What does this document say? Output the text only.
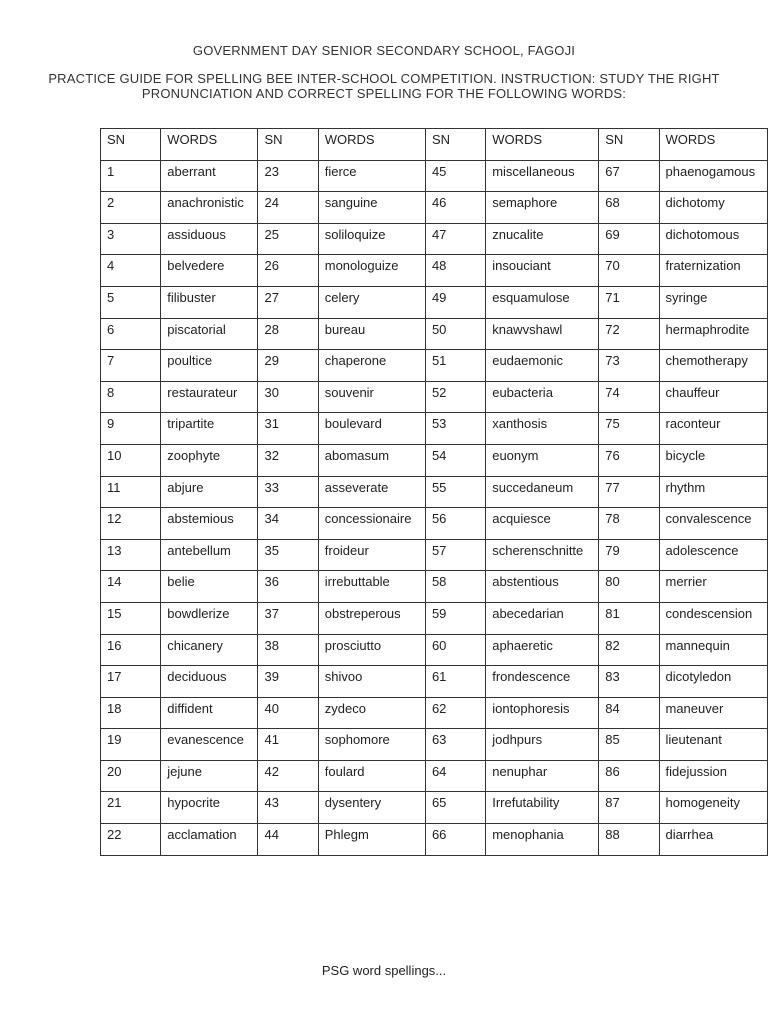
GOVERNMENT DAY SENIOR SECONDARY SCHOOL, FAGOJI
PRACTICE GUIDE FOR SPELLING BEE INTER-SCHOOL COMPETITION. INSTRUCTION: STUDY THE RIGHT
PRONUNCIATION AND CORRECT SPELLING FOR THE FOLLOWING WORDS:
SN	WORDS	SN	WORDS	SN	WORDS	SN	WORDS
1	aberrant	23	fierce	45	miscellaneous	67	phaenogamous
2	anachronistic	24	sanguine	46	semaphore	68	dichotomy
3	assiduous	25	soliloquize	47	znucalite	69	dichotomous
4	belvedere	26	monologuize	48	insouciant	70	fraternization
5	filibuster	27	celery	49	esquamulose	71	syringe
6	piscatorial	28	bureau	50	knawvshawl	72	hermaphrodite
7	poultice	29	chaperone	51	eudaemonic	73	chemotherapy
8	restaurateur	30	souvenir	52	eubacteria	74	chauffeur
9	tripartite	31	boulevard	53	xanthosis	75	raconteur
10	zoophyte	32	abomasum	54	euonym	76	bicycle
11	abjure	33	asseverate	55	succedaneum	77	rhythm
12	abstemious	34	concessionaire	56	acquiesce	78	convalescence
13	antebellum	35	froideur	57	scherenschnitte	79	adolescence
14	belie	36	irrebuttable	58	abstentious	80	merrier
15	bowdlerize	37	obstreperous	59	abecedarian	81	condescension
16	chicanery	38	prosciutto	60	aphaeretic	82	mannequin
17	deciduous	39	shivoo	61	frondescence	83	dicotyledon
18	diffident	40	zydeco	62	iontophoresis	84	maneuver
19	evanescence	41	sophomore	63	jodhpurs	85	lieutenant
20	jejune	42	foulard	64	nenuphar	86	fidejussion
21	hypocrite	43	dysentery	65	Irrefutability	87	homogeneity
22	acclamation	44	Phlegm	66	menophania	88	diarrhea
PSG word spellings...
